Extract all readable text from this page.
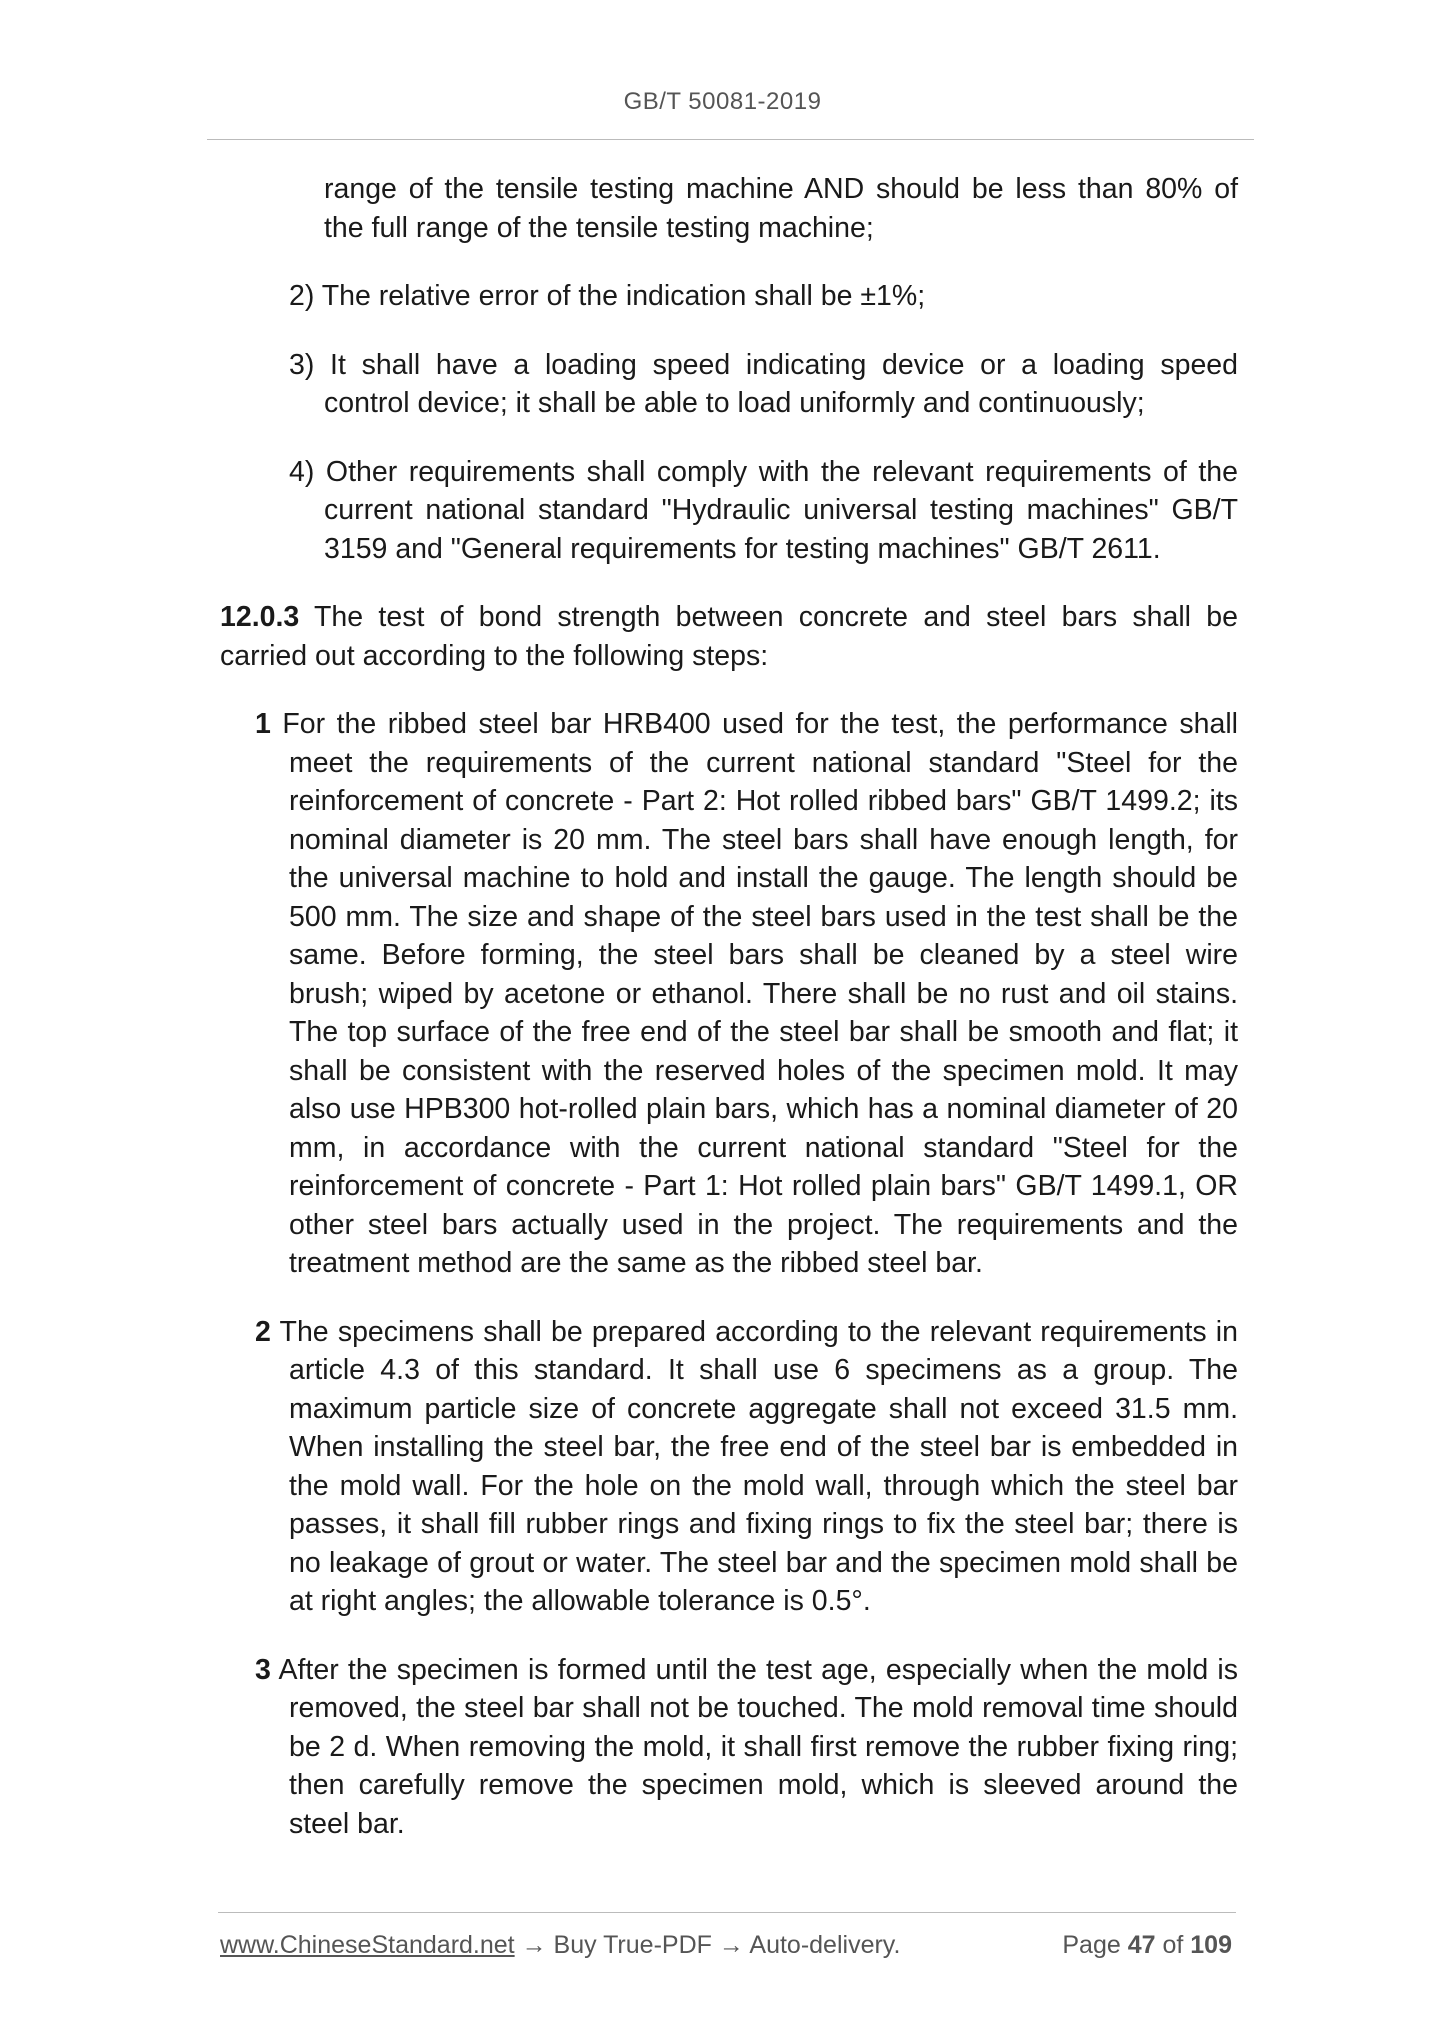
GB/T 50081-2019

range of the tensile testing machine AND should be less than 80% of the full range of the tensile testing machine;

2) The relative error of the indication shall be ±1%;

3) It shall have a loading speed indicating device or a loading speed control device; it shall be able to load uniformly and continuously;

4) Other requirements shall comply with the relevant requirements of the current national standard "Hydraulic universal testing machines" GB/T 3159 and "General requirements for testing machines" GB/T 2611.

12.0.3 The test of bond strength between concrete and steel bars shall be carried out according to the following steps:

1 For the ribbed steel bar HRB400 used for the test, the performance shall meet the requirements of the current national standard "Steel for the reinforcement of concrete - Part 2: Hot rolled ribbed bars" GB/T 1499.2; its nominal diameter is 20 mm. The steel bars shall have enough length, for the universal machine to hold and install the gauge. The length should be 500 mm. The size and shape of the steel bars used in the test shall be the same. Before forming, the steel bars shall be cleaned by a steel wire brush; wiped by acetone or ethanol. There shall be no rust and oil stains. The top surface of the free end of the steel bar shall be smooth and flat; it shall be consistent with the reserved holes of the specimen mold. It may also use HPB300 hot-rolled plain bars, which has a nominal diameter of 20 mm, in accordance with the current national standard "Steel for the reinforcement of concrete - Part 1: Hot rolled plain bars" GB/T 1499.1, OR other steel bars actually used in the project. The requirements and the treatment method are the same as the ribbed steel bar.

2 The specimens shall be prepared according to the relevant requirements in article 4.3 of this standard. It shall use 6 specimens as a group. The maximum particle size of concrete aggregate shall not exceed 31.5 mm. When installing the steel bar, the free end of the steel bar is embedded in the mold wall. For the hole on the mold wall, through which the steel bar passes, it shall fill rubber rings and fixing rings to fix the steel bar; there is no leakage of grout or water. The steel bar and the specimen mold shall be at right angles; the allowable tolerance is 0.5°.

3 After the specimen is formed until the test age, especially when the mold is removed, the steel bar shall not be touched. The mold removal time should be 2 d. When removing the mold, it shall first remove the rubber fixing ring; then carefully remove the specimen mold, which is sleeved around the steel bar.

www.ChineseStandard.net → Buy True-PDF → Auto-delivery.	Page 47 of 109
